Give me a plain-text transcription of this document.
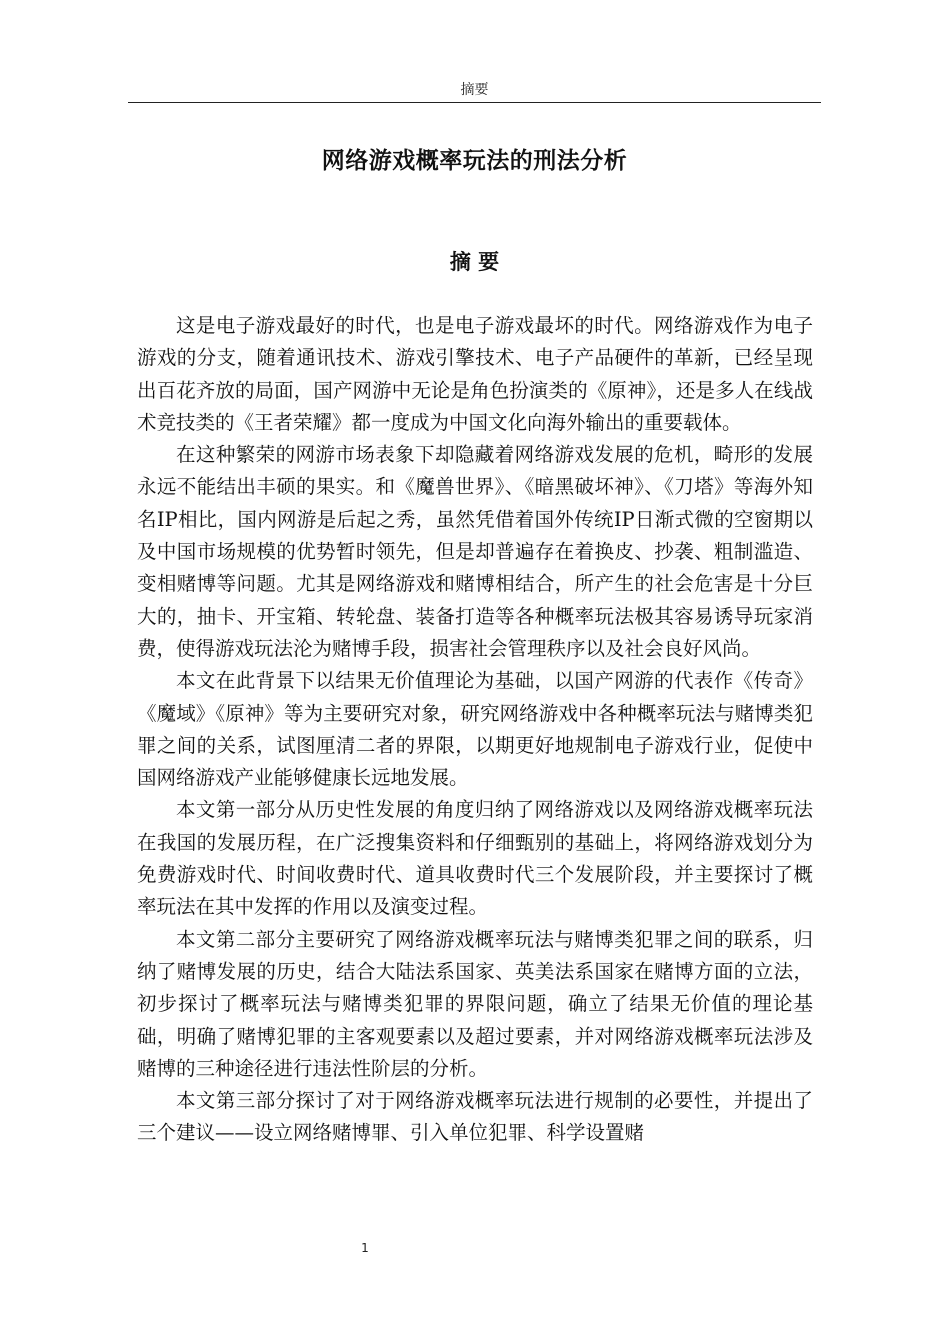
摘要
网络游戏概率玩法的刑法分析
摘 要

这是电子游戏最好的时代，也是电子游戏最坏的时代。网络游戏作为电子游戏的分支，随着通讯技术、游戏引擎技术、电子产品硬件的革新，已经呈现出百花齐放的局面，国产网游中无论是角色扮演类的《原神》，还是多人在线战术竞技类的《王者荣耀》都一度成为中国文化向海外输出的重要载体。

在这种繁荣的网游市场表象下却隐藏着网络游戏发展的危机，畸形的发展永远不能结出丰硕的果实。和《魔兽世界》、《暗黑破坏神》、《刀塔》等海外知名IP相比，国内网游是后起之秀，虽然凭借着国外传统IP日渐式微的空窗期以及中国市场规模的优势暂时领先，但是却普遍存在着换皮、抄袭、粗制滥造、变相赌博等问题。尤其是网络游戏和赌博相结合，所产生的社会危害是十分巨大的，抽卡、开宝箱、转轮盘、装备打造等各种概率玩法极其容易诱导玩家消费，使得游戏玩法沦为赌博手段，损害社会管理秩序以及社会良好风尚。

本文在此背景下以结果无价值理论为基础，以国产网游的代表作《传奇》《魔域》《原神》等为主要研究对象，研究网络游戏中各种概率玩法与赌博类犯罪之间的关系，试图厘清二者的界限，以期更好地规制电子游戏行业，促使中国网络游戏产业能够健康长远地发展。

本文第一部分从历史性发展的角度归纳了网络游戏以及网络游戏概率玩法在我国的发展历程，在广泛搜集资料和仔细甄别的基础上，将网络游戏划分为免费游戏时代、时间收费时代、道具收费时代三个发展阶段，并主要探讨了概率玩法在其中发挥的作用以及演变过程。

本文第二部分主要研究了网络游戏概率玩法与赌博类犯罪之间的联系，归纳了赌博发展的历史，结合大陆法系国家、英美法系国家在赌博方面的立法，初步探讨了概率玩法与赌博类犯罪的界限问题，确立了结果无价值的理论基础，明确了赌博犯罪的主客观要素以及超过要素，并对网络游戏概率玩法涉及赌博的三种途径进行违法性阶层的分析。

本文第三部分探讨了对于网络游戏概率玩法进行规制的必要性，并提出了三个建议——设立网络赌博罪、引入单位犯罪、科学设置赌

1
